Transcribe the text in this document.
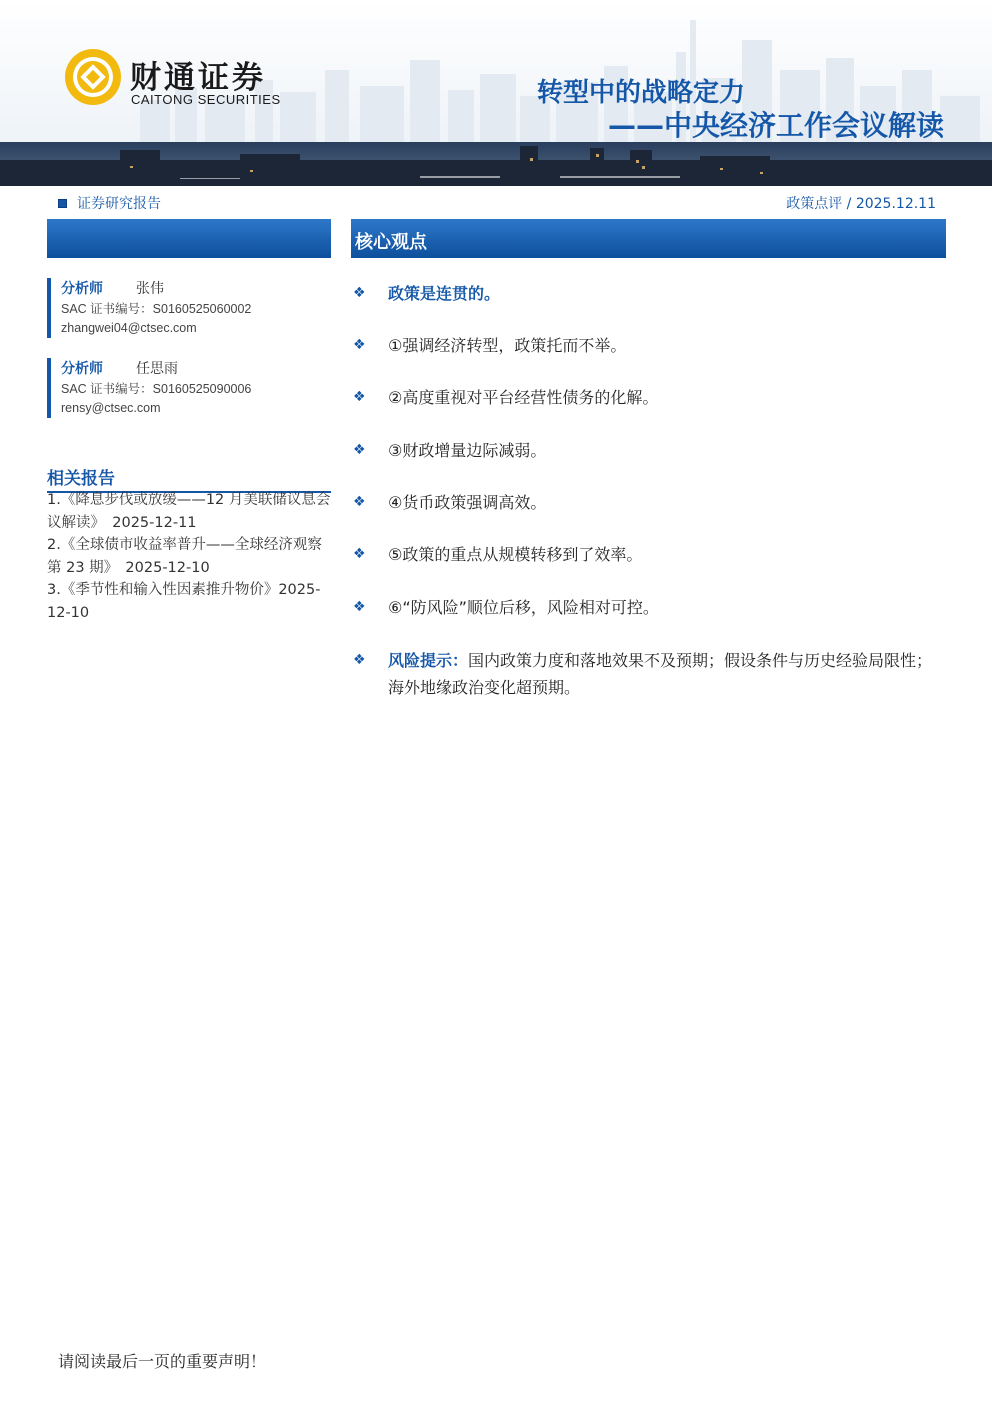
财通证券
CAITONG SECURITIES	转型中的战略定力
——中央经济工作会议解读
证券研究报告	政策点评 / 2025.12.11
核心观点
分析师	张伟
SAC 证书编号：S0160525060002
zhangwei04@ctsec.com
分析师	任思雨
SAC 证书编号：S0160525090006
rensy@ctsec.com
相关报告
1.《降息步伐或放缓——12 月美联储议息会议解读》　2025-12-11
2.《全球债市收益率普升——全球经济观察第 23 期》　2025-12-10
3.《季节性和输入性因素推升物价》2025-12-10
❖	政策是连贯的。
❖	①强调经济转型，政策托而不举。
❖	②高度重视对平台经营性债务的化解。
❖	③财政增量边际减弱。
❖	④货币政策强调高效。
❖	⑤政策的重点从规模转移到了效率。
❖	⑥“防风险”顺位后移，风险相对可控。
❖	风险提示：国内政策力度和落地效果不及预期；假设条件与历史经验局限性；海外地缘政治变化超预期。
请阅读最后一页的重要声明！
